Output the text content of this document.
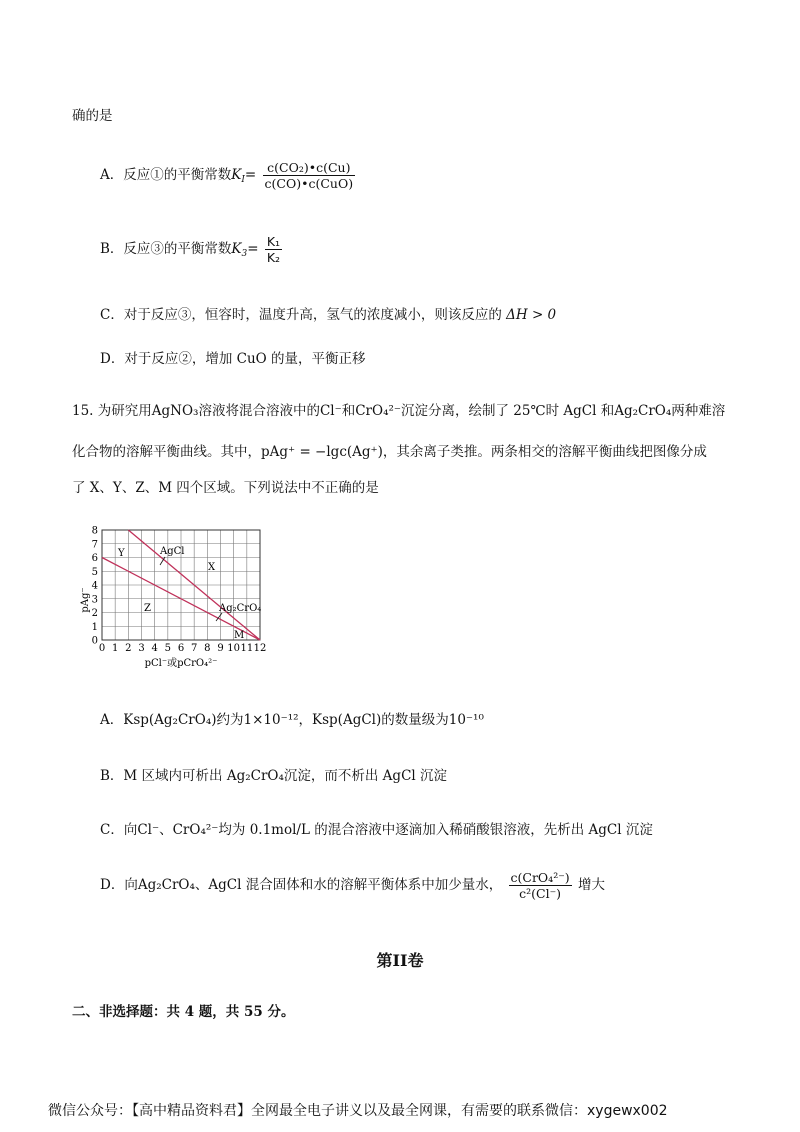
确的是
A．反应①的平衡常数$K_I= \frac{\text{c(CO₂)•c(Cu)}}{\text{c(CO)•c(CuO)}}$
B．反应③的平衡常数$K_3= \frac{\text{K₁}}{\text{K₂}}$
C．对于反应③，恒容时，温度升高，氢气的浓度减小，则该反应的 ΔH > 0
D．对于反应②，增加 CuO 的量，平衡正移
15. 为研究用AgNO₃溶液将混合溶液中的Cl⁻和CrO₄²⁻沉淀分离，绘制了 25℃时 AgCl 和Ag₂CrO₄两种难溶
化合物的溶解平衡曲线。其中，pAg⁺ = −lgc(Ag⁺)，其余离子类推。两条相交的溶解平衡曲线把图像分成
了 X、Y、Z、M 四个区域。下列说法中不正确的是
0 1 2 3 4 5 6 7 8 9 10 11 12
0
1
2
3
4
5
6
7
8
pAg⁻
pCl⁻或pCrO₄²⁻
Y
X
Z
M
AgCl
Ag₂CrO₄
A．Ksp(Ag₂CrO₄)约为1×10⁻¹²，Ksp(AgCl)的数量级为10⁻¹⁰
B．M 区域内可析出 Ag₂CrO₄沉淀，而不析出 AgCl 沉淀
C．向Cl⁻、CrO₄²⁻均为 0.1mol/L 的混合溶液中逐滴加入稀硝酸银溶液，先析出 AgCl 沉淀
D．向Ag₂CrO₄、AgCl 混合固体和水的溶解平衡体系中加少量水， $\frac{\text{c(CrO₄²⁻)}}{\text{c²(Cl⁻)}}$ 增大
第II卷
二、非选择题：共 4 题，共 55 分。
微信公众号：【高中精品资料君】全网最全电子讲义以及最全网课，有需要的联系微信：xygewx002
